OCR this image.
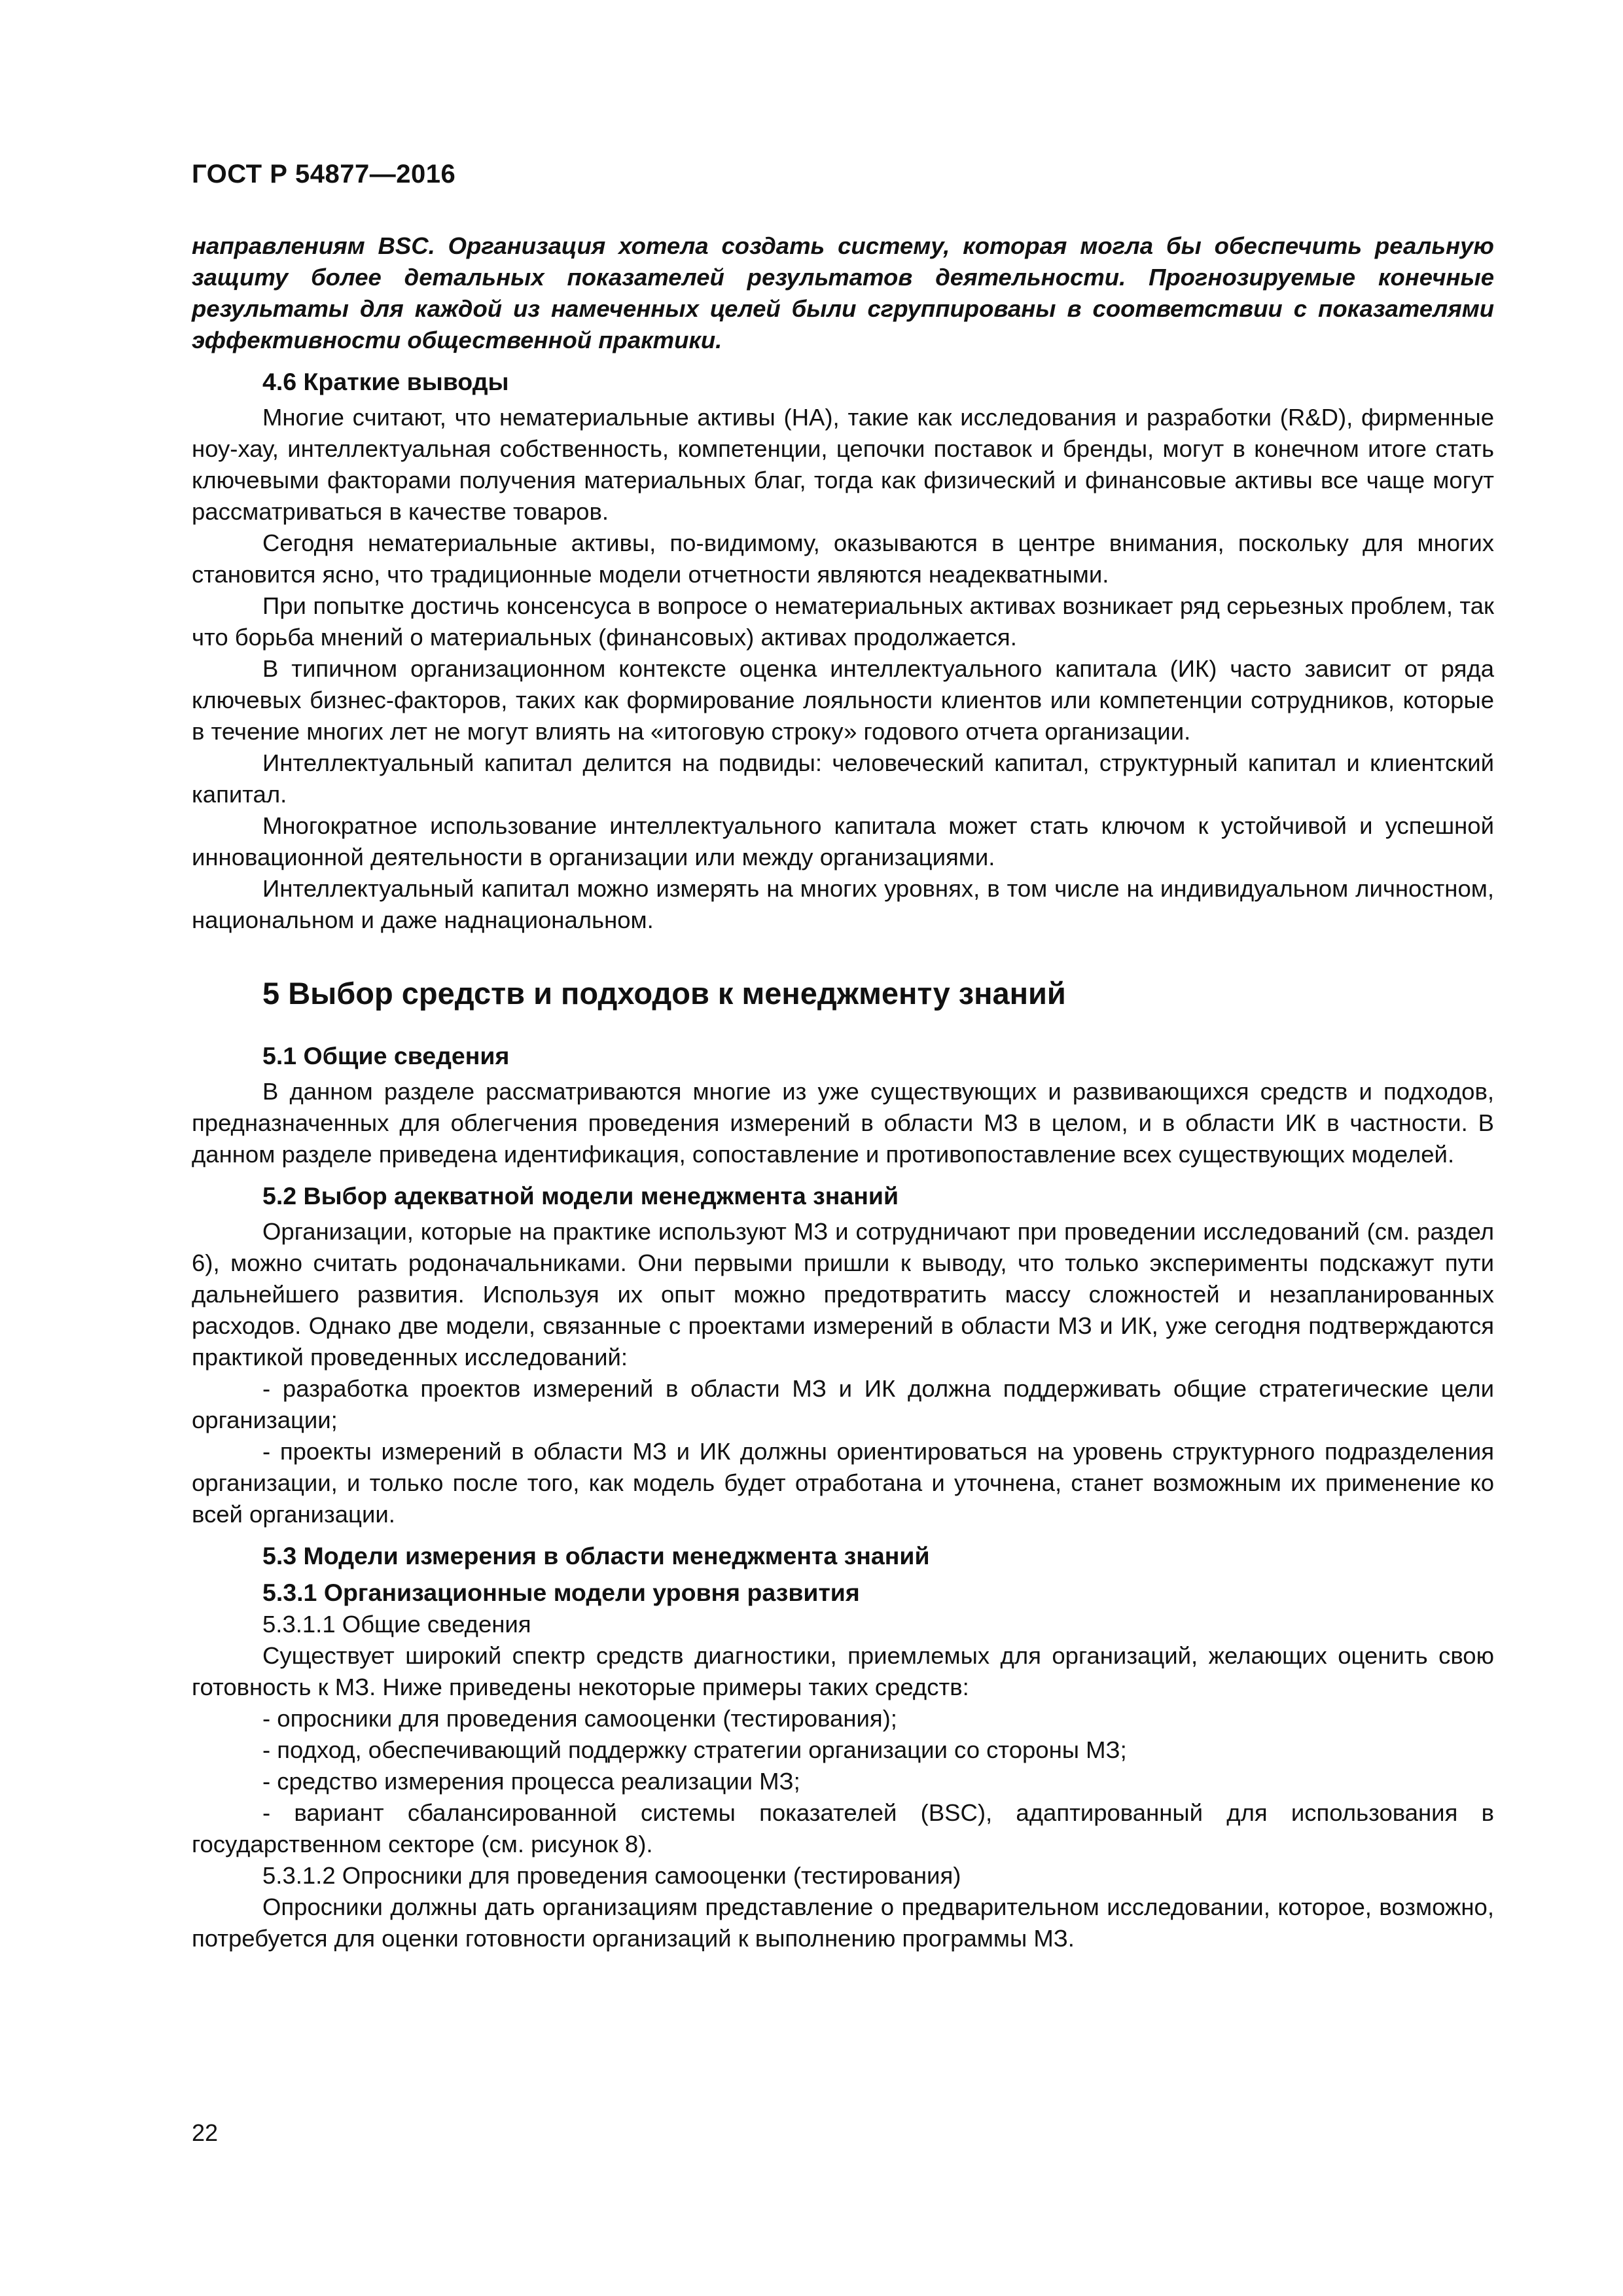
ГОСТ Р 54877—2016

направлениям BSC. Организация хотела создать систему, которая могла бы обеспечить реальную защиту более детальных показателей результатов деятельности. Прогнозируемые конечные результаты для каждой из намеченных целей были сгруппированы в соответствии с показателями эффективности общественной практики.

4.6 Краткие выводы

Многие считают, что нематериальные активы (НА), такие как исследования и разработки (R&D), фирменные ноу-хау, интеллектуальная собственность, компетенции, цепочки поставок и бренды, могут в конечном итоге стать ключевыми факторами получения материальных благ, тогда как физический и финансовые активы все чаще могут рассматриваться в качестве товаров.

Сегодня нематериальные активы, по-видимому, оказываются в центре внимания, поскольку для многих становится ясно, что традиционные модели отчетности являются неадекватными.

При попытке достичь консенсуса в вопросе о нематериальных активах возникает ряд серьезных проблем, так что борьба мнений о материальных (финансовых) активах продолжается.

В типичном организационном контексте оценка интеллектуального капитала (ИК) часто зависит от ряда ключевых бизнес-факторов, таких как формирование лояльности клиентов или компетенции сотрудников, которые в течение многих лет не могут влиять на «итоговую строку» годового отчета организации.

Интеллектуальный капитал делится на подвиды: человеческий капитал, структурный капитал и клиентский капитал.

Многократное использование интеллектуального капитала может стать ключом к устойчивой и успешной инновационной деятельности в организации или между организациями.

Интеллектуальный капитал можно измерять на многих уровнях, в том числе на индивидуальном личностном, национальном и даже наднациональном.

5 Выбор средств и подходов к менеджменту знаний
5.1 Общие сведения

В данном разделе рассматриваются многие из уже существующих и развивающихся средств и подходов, предназначенных для облегчения проведения измерений в области МЗ в целом, и в области ИК в частности. В данном разделе приведена идентификация, сопоставление и противопоставление всех существующих моделей.

5.2 Выбор адекватной модели менеджмента знаний

Организации, которые на практике используют МЗ и сотрудничают при проведении исследований (см. раздел 6), можно считать родоначальниками. Они первыми пришли к выводу, что только эксперименты подскажут пути дальнейшего развития. Используя их опыт можно предотвратить массу сложностей и незапланированных расходов. Однако две модели, связанные с проектами измерений в области МЗ и ИК, уже сегодня подтверждаются практикой проведенных исследований:

- разработка проектов измерений в области МЗ и ИК должна поддерживать общие стратегические цели организации;

- проекты измерений в области МЗ и ИК должны ориентироваться на уровень структурного подразделения организации, и только после того, как модель будет отработана и уточнена, станет возможным их применение ко всей организации.

5.3 Модели измерения в области менеджмента знаний
5.3.1 Организационные модели уровня развития

5.3.1.1 Общие сведения

Существует широкий спектр средств диагностики, приемлемых для организаций, желающих оценить свою готовность к МЗ. Ниже приведены некоторые примеры таких средств:

- опросники для проведения самооценки (тестирования);

- подход, обеспечивающий поддержку стратегии организации со стороны МЗ;

- средство измерения процесса реализации МЗ;

- вариант сбалансированной системы показателей (BSC), адаптированный для использования в государственном секторе (см. рисунок 8).

5.3.1.2 Опросники для проведения самооценки (тестирования)

Опросники должны дать организациям представление о предварительном исследовании, которое, возможно, потребуется для оценки готовности организаций к выполнению программы МЗ.

22
